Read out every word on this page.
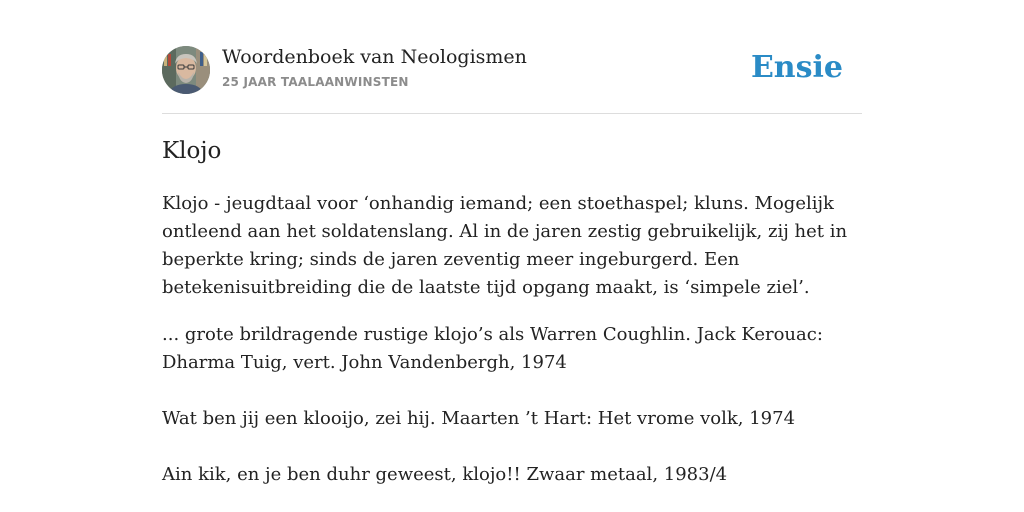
Woordenboek van Neologismen
25 JAAR TAALAANWINSTEN	Ensie
Klojo

Klojo - jeugdtaal voor ‘onhandig iemand; een stoethaspel; kluns. Mogelijk ontleend aan het soldatenslang. Al in de jaren zestig gebruikelijk, zij het in beperkte kring; sinds de jaren zeventig meer ingeburgerd. Een betekenisuitbreiding die de laatste tijd opgang maakt, is ‘simpele ziel’.

... grote brildragende rustige klojo’s als Warren Coughlin. Jack Kerouac: Dharma Tuig, vert. John Vandenbergh, 1974

Wat ben jij een klooijo, zei hij. Maarten ’t Hart: Het vrome volk, 1974

Ain kik, en je ben duhr geweest, klojo!! Zwaar metaal, 1983/4
